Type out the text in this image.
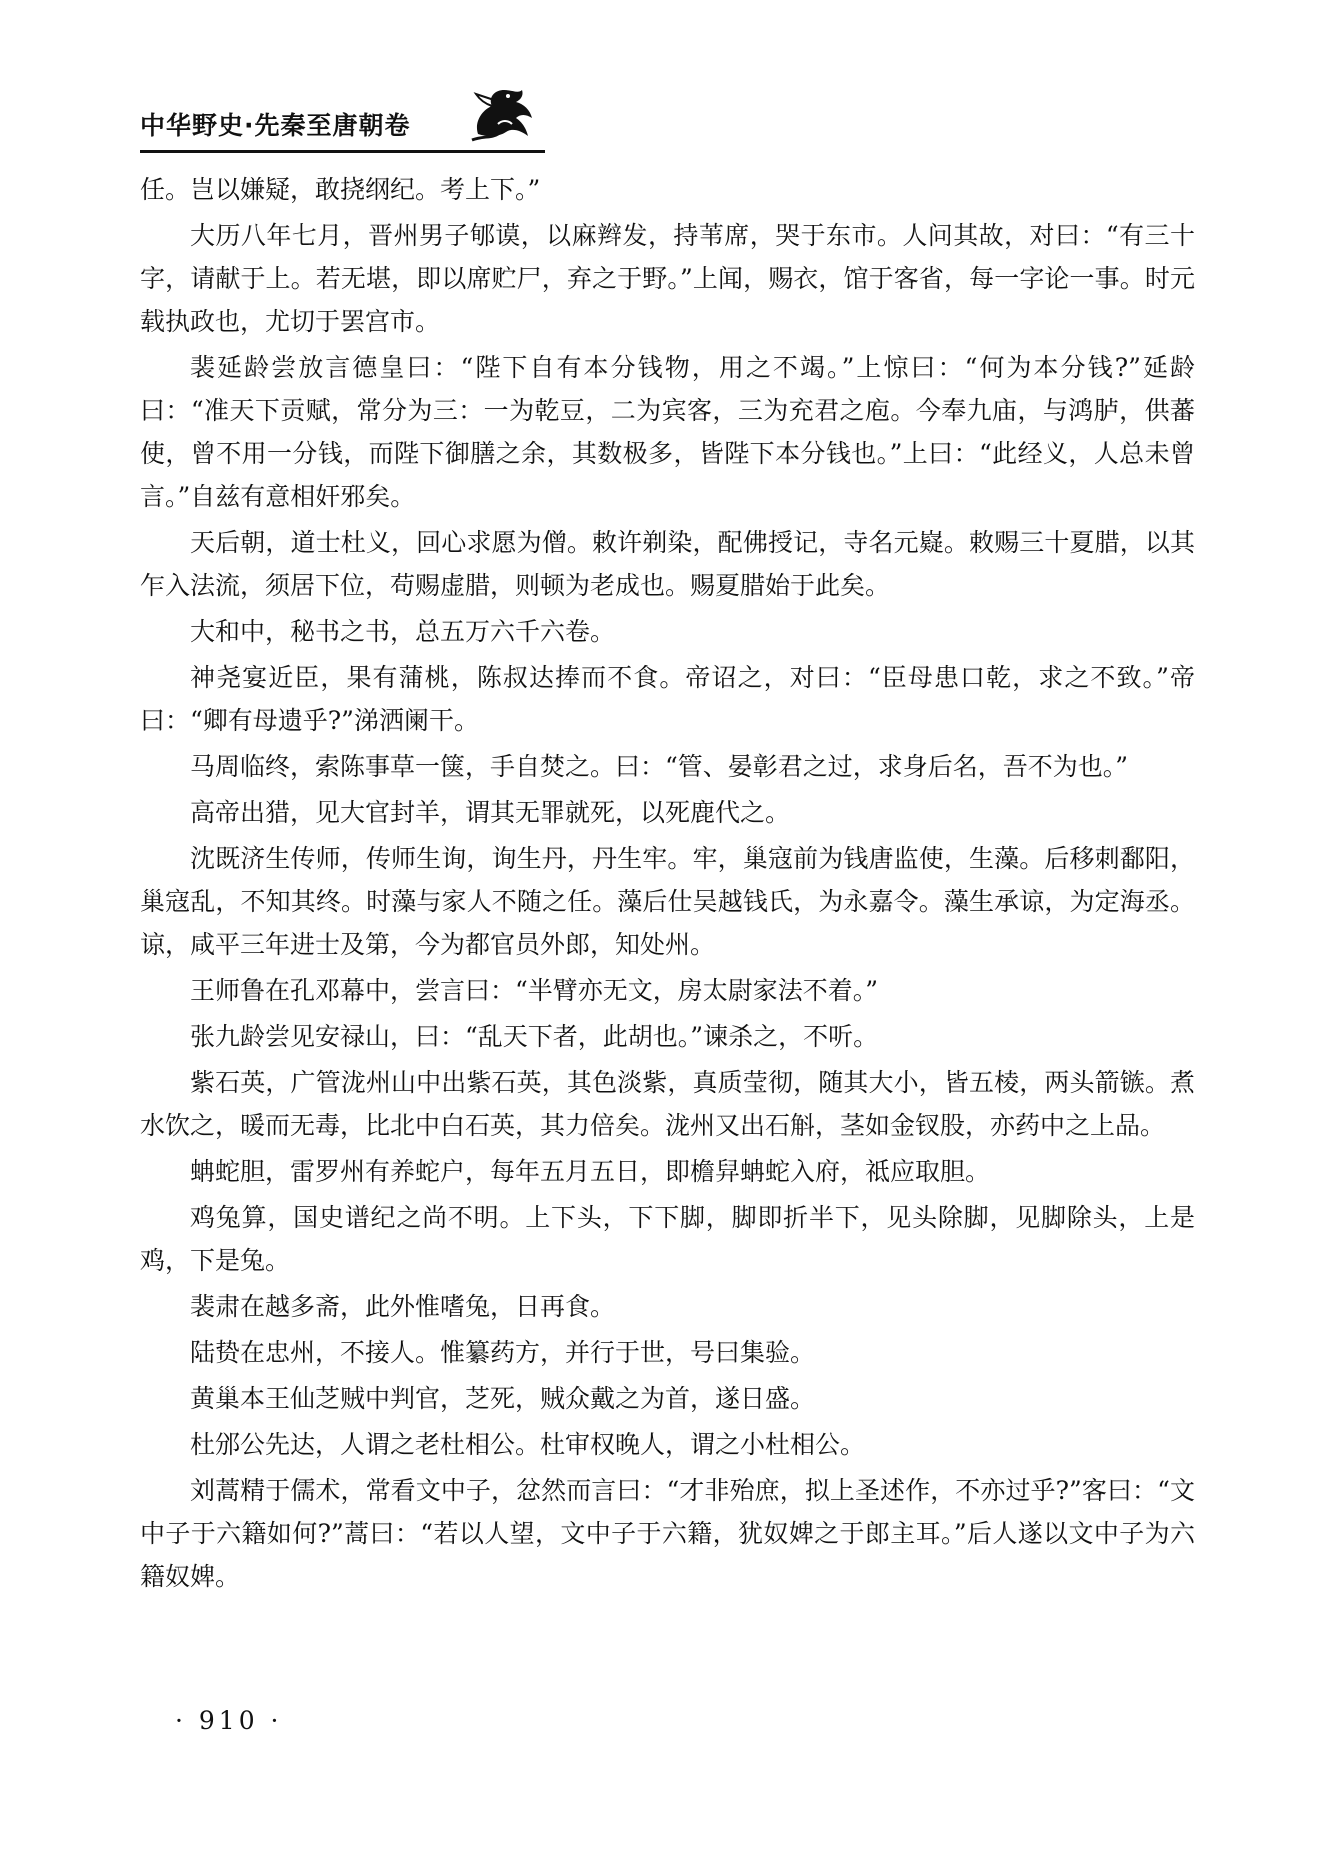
中华野史·先秦至唐朝卷

任。岂以嫌疑，敢挠纲纪。考上下。”

大历八年七月，晋州男子郇谟，以麻辫发，持苇席，哭于东市。人问其故，对曰：“有三十字，请献于上。若无堪，即以席贮尸，弃之于野。”上闻，赐衣，馆于客省，每一字论一事。时元载执政也，尤切于罢宫市。

裴延龄尝放言德皇曰：“陛下自有本分钱物，用之不竭。”上惊曰：“何为本分钱?”延龄曰：“准天下贡赋，常分为三：一为乾豆，二为宾客，三为充君之庖。今奉九庙，与鸿胪，供蕃使，曾不用一分钱，而陛下御膳之余，其数极多，皆陛下本分钱也。”上曰：“此经义，人总未曾言。”自兹有意相奸邪矣。

天后朝，道士杜义，回心求愿为僧。敕许剃染，配佛授记，寺名元嶷。敕赐三十夏腊，以其乍入法流，须居下位，苟赐虚腊，则顿为老成也。赐夏腊始于此矣。

大和中，秘书之书，总五万六千六卷。

神尧宴近臣，果有蒲桃，陈叔达捧而不食。帝诏之，对曰：“臣母患口乾，求之不致。”帝曰：“卿有母遗乎?”涕洒阑干。

马周临终，索陈事草一箧，手自焚之。曰：“管、晏彰君之过，求身后名，吾不为也。”

高帝出猎，见大官封羊，谓其无罪就死，以死鹿代之。

沈既济生传师，传师生询，询生丹，丹生牢。牢，巢寇前为钱唐监使，生藻。后移刺鄱阳，巢寇乱，不知其终。时藻与家人不随之任。藻后仕吴越钱氏，为永嘉令。藻生承谅，为定海丞。谅，咸平三年进士及第，今为都官员外郎，知处州。

王师鲁在孔邓幕中，尝言曰：“半臂亦无文，房太尉家法不着。”

张九龄尝见安禄山，曰：“乱天下者，此胡也。”谏杀之，不听。

紫石英，广管泷州山中出紫石英，其色淡紫，真质莹彻，随其大小，皆五棱，两头箭镞。煮水饮之，暖而无毒，比北中白石英，其力倍矣。泷州又出石斛，茎如金钗股，亦药中之上品。

蚺蛇胆，雷罗州有养蛇户，每年五月五日，即檐舁蚺蛇入府，祗应取胆。

鸡兔算，国史谱纪之尚不明。上下头，下下脚，脚即折半下，见头除脚，见脚除头，上是鸡，下是兔。

裴肃在越多斋，此外惟嗜兔，日再食。

陆贽在忠州，不接人。惟纂药方，并行于世，号曰集验。

黄巢本王仙芝贼中判官，芝死，贼众戴之为首，遂日盛。

杜邠公先达，人谓之老杜相公。杜审权晚人，谓之小杜相公。

刘蒿精于儒术，常看文中子，忿然而言曰：“才非殆庶，拟上圣述作，不亦过乎?”客曰：“文中子于六籍如何?”蒿曰：“若以人望，文中子于六籍，犹奴婢之于郎主耳。”后人遂以文中子为六籍奴婢。

· 910 ·
